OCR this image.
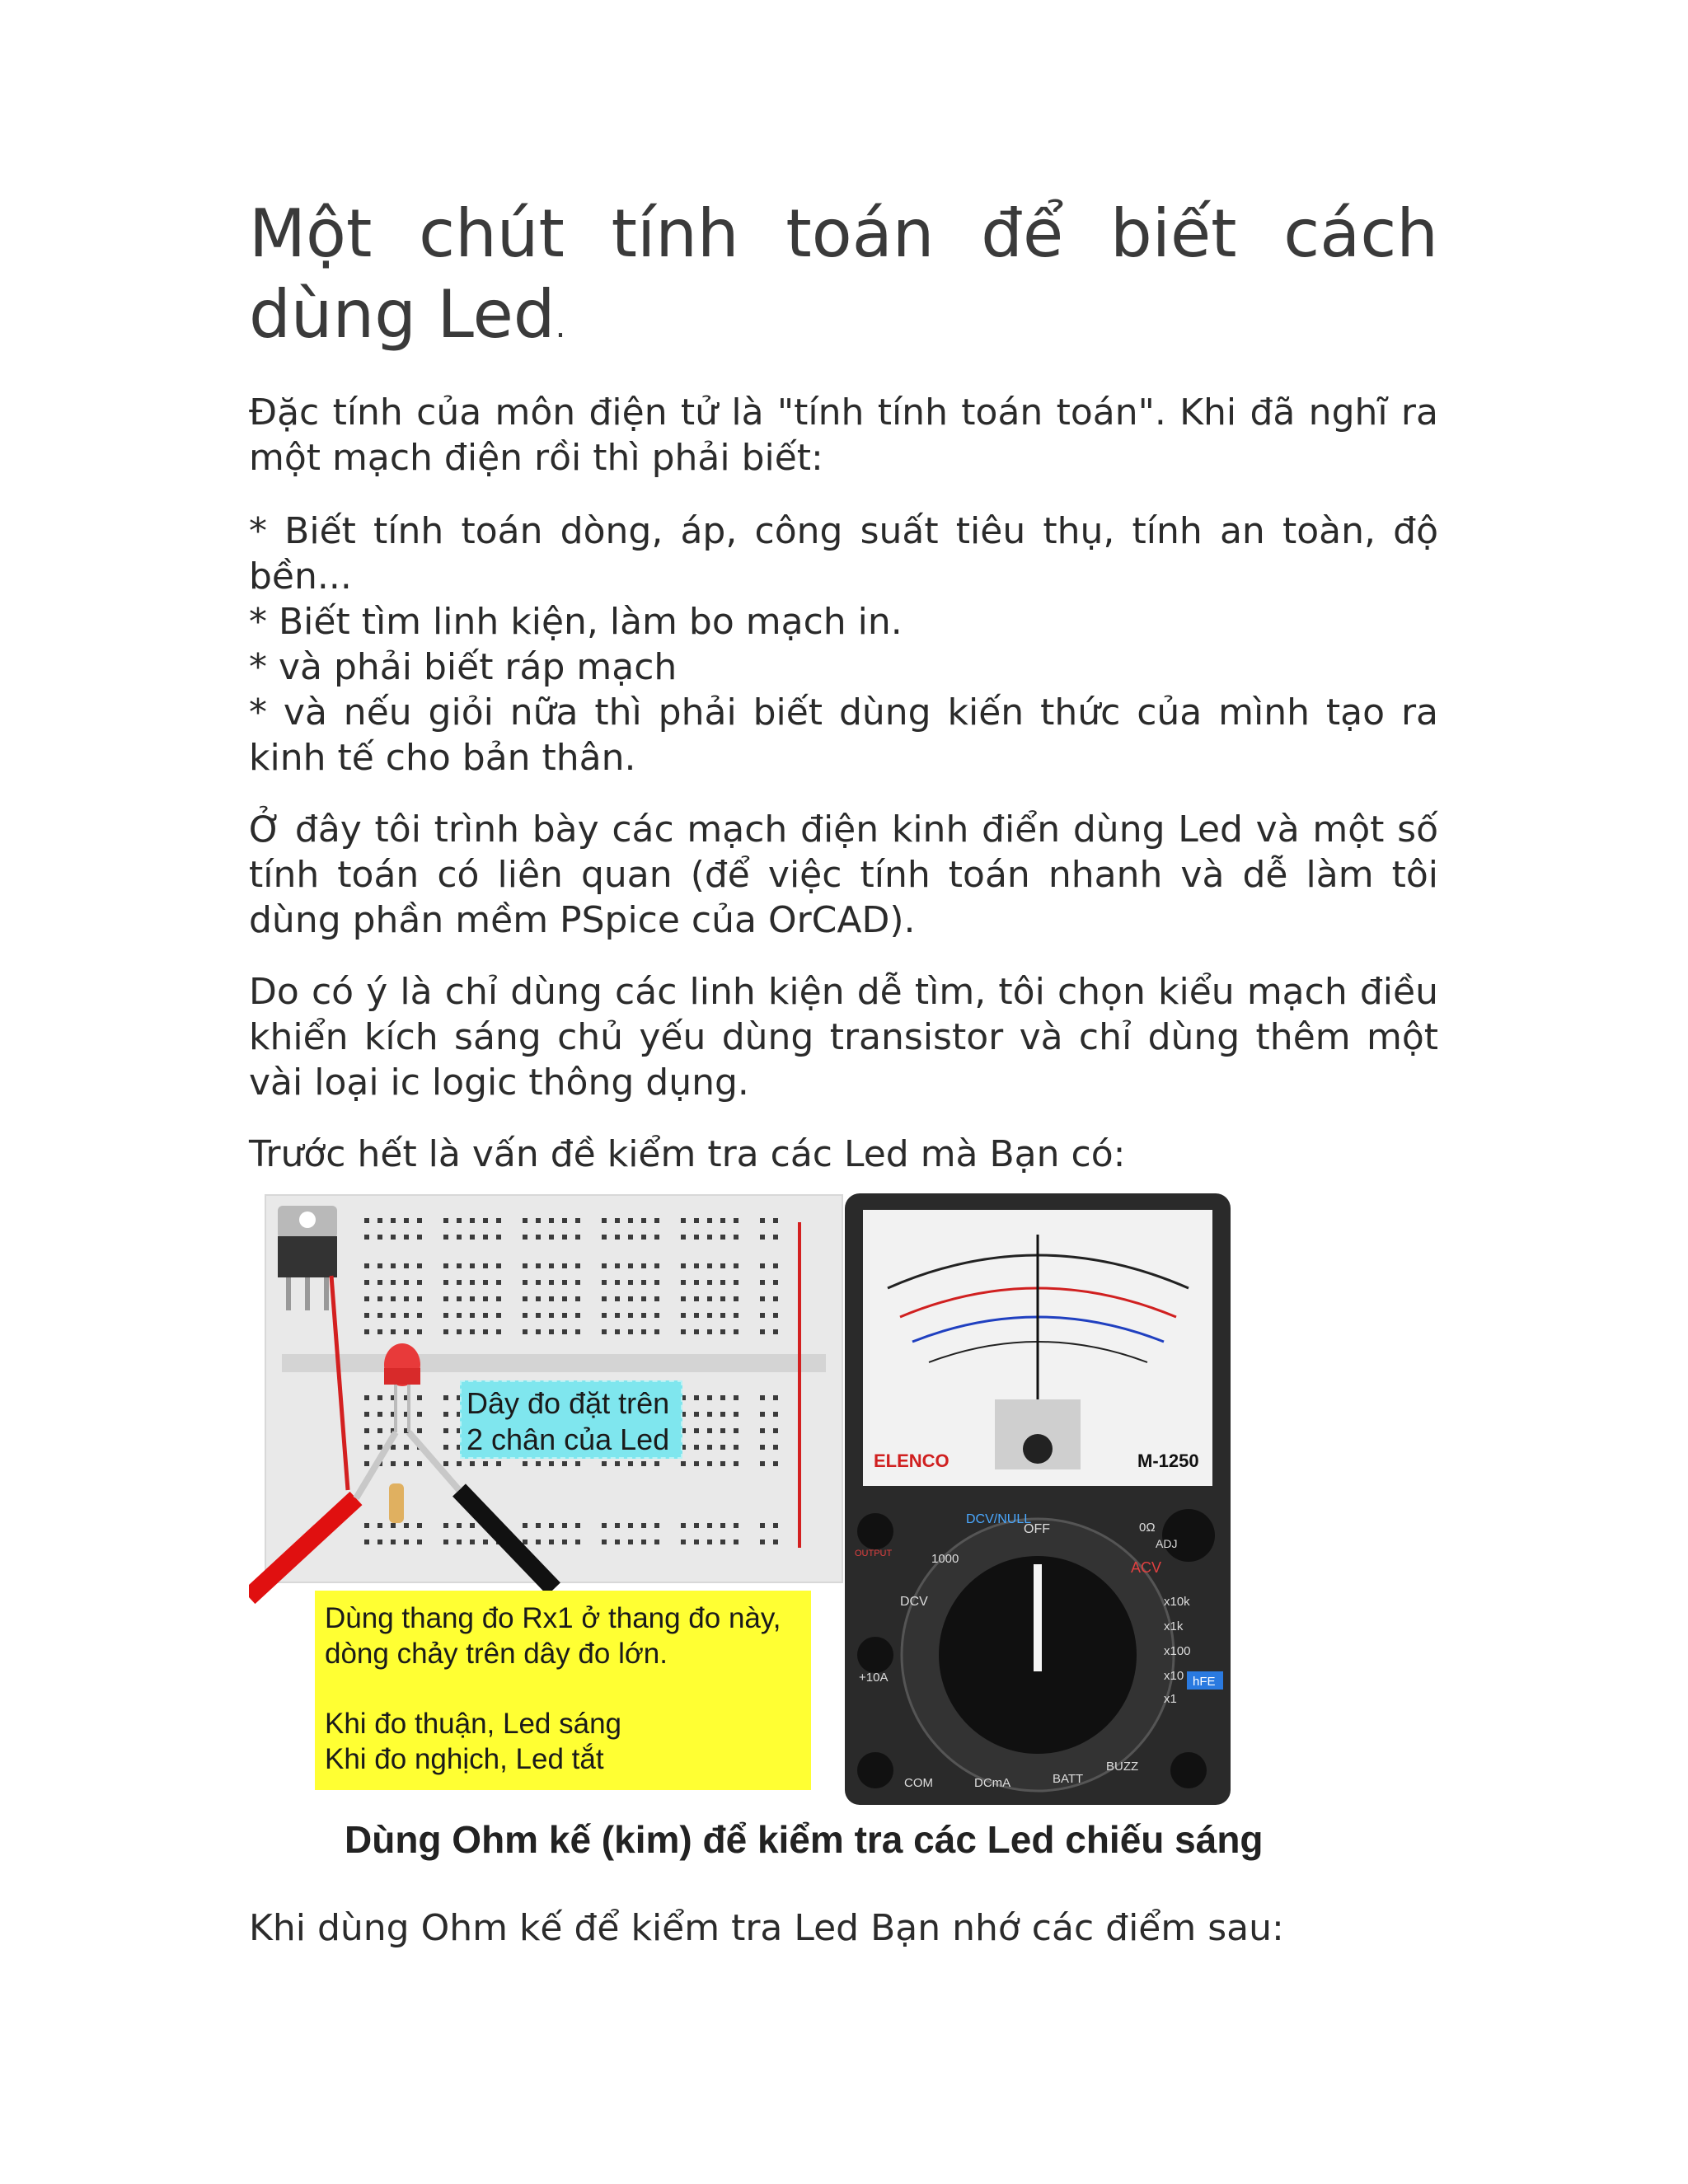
Một chút tính toán để biết cách dùng Led.

Đặc tính của môn điện tử là "tính tính toán toán". Khi đã nghĩ ra một mạch điện rồi thì phải biết:

* Biết tính toán dòng, áp, công suất tiêu thụ, tính an toàn, độ bền...
* Biết tìm linh kiện, làm bo mạch in.
* và phải biết ráp mạch
* và nếu giỏi nữa thì phải biết dùng kiến thức của mình tạo ra kinh tế cho bản thân.

Ở đây tôi trình bày các mạch điện kinh điển dùng Led và một số tính toán có liên quan (để việc tính toán nhanh và dễ làm tôi dùng phần mềm PSpice của OrCAD).

Do có ý là chỉ dùng các linh kiện dễ tìm, tôi chọn kiểu mạch điều khiển kích sáng chủ yếu dùng transistor và chỉ dùng thêm một vài loại ic logic thông dụng.

Trước hết là vấn đề kiểm tra các Led mà Bạn có:

ELENCO	M-1250
DCV/NULL
OFF
ACV
DCV
1000
0Ω
ADJ
x10k
x1k
x100
x10
x1
hFE
COM
+10A
OUTPUT
DCmA	BATT
BUZZ
Dây đo đặt trên
2 chân của Led
Dùng thang đo Rx1 ở thang đo này,
dòng chảy trên dây đo lớn.
Khi đo thuận, Led sáng
Khi đo nghịch, Led tắt
Dùng Ohm kế (kim) để kiểm tra các Led chiếu sáng
Khi dùng Ohm kế để kiểm tra Led Bạn nhớ các điểm sau:
